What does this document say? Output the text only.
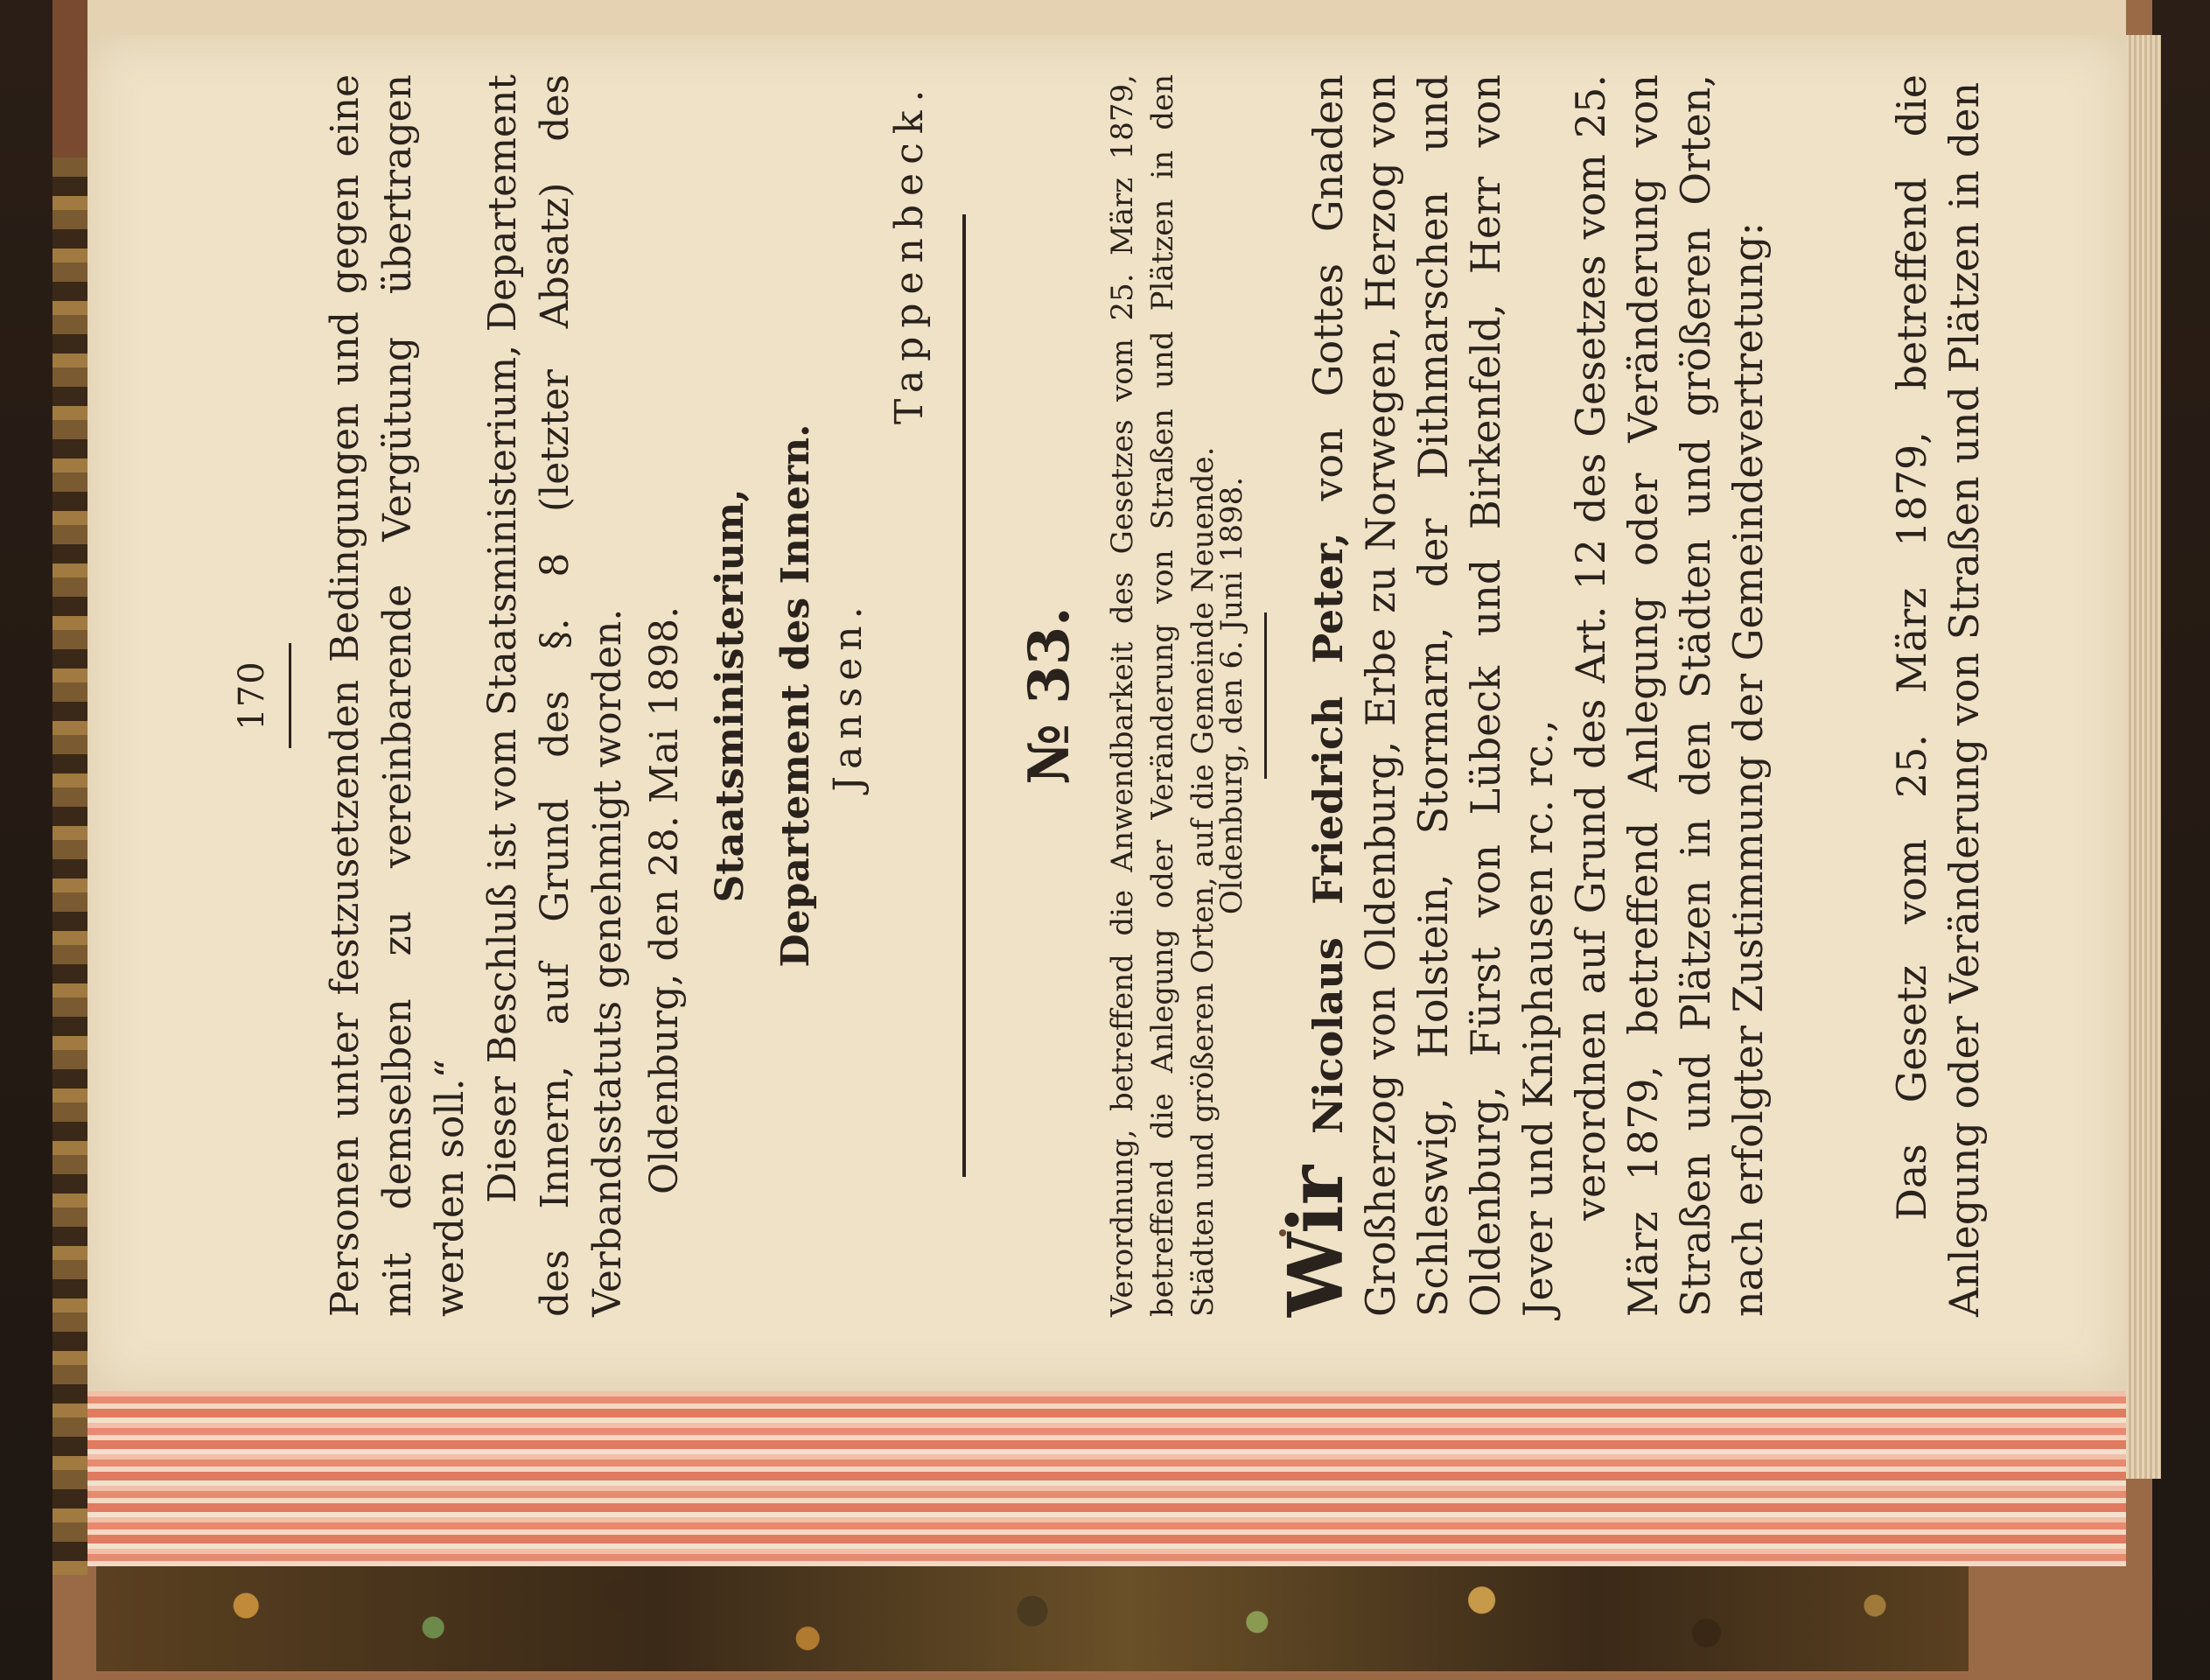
170 Personen unter festzusetzenden Bedingungen und gegen eine mit demselben zu vereinbarende Vergütung übertragen werden soll.“ Dieser Beschluß ist vom Staatsministerium, Departement des Innern, auf Grund des §. 8 (letzter Absatz) des Verbandsstatuts genehmigt worden. Oldenburg, den 28. Mai 1898. Staatsministerium, Departement des Innern. Jansen.
Tappenbeck.
№ 33. Verordnung, betreffend die Anwendbarkeit des Gesetzes vom 25. März 1879, betreffend die Anlegung oder Veränderung von Straßen und Plätzen in den Städten und größeren Orten, auf die Gemeinde Neuende.

Oldenburg, den 6. Juni 1898.

Wir Nicolaus Friedrich Peter, von Gottes Gnaden Großherzog von Oldenburg, Erbe zu Norwegen, Herzog von Schleswig, Holstein, Stormarn, der Dithmarschen und Oldenburg, Fürst von Lübeck und Birkenfeld, Herr von Jever und Kniphausen rc. rc., verordnen auf Grund des Art. 12 des Gesetzes vom 25. März 1879, betreffend Anlegung oder Veränderung von Straßen und Plätzen in den Städten und größeren Orten, nach erfolgter Zustimmung der Gemeindevertretung:	Das Gesetz vom 25. März 1879, betreffend die Anlegung oder Veränderung von Straßen und Plätzen in den
